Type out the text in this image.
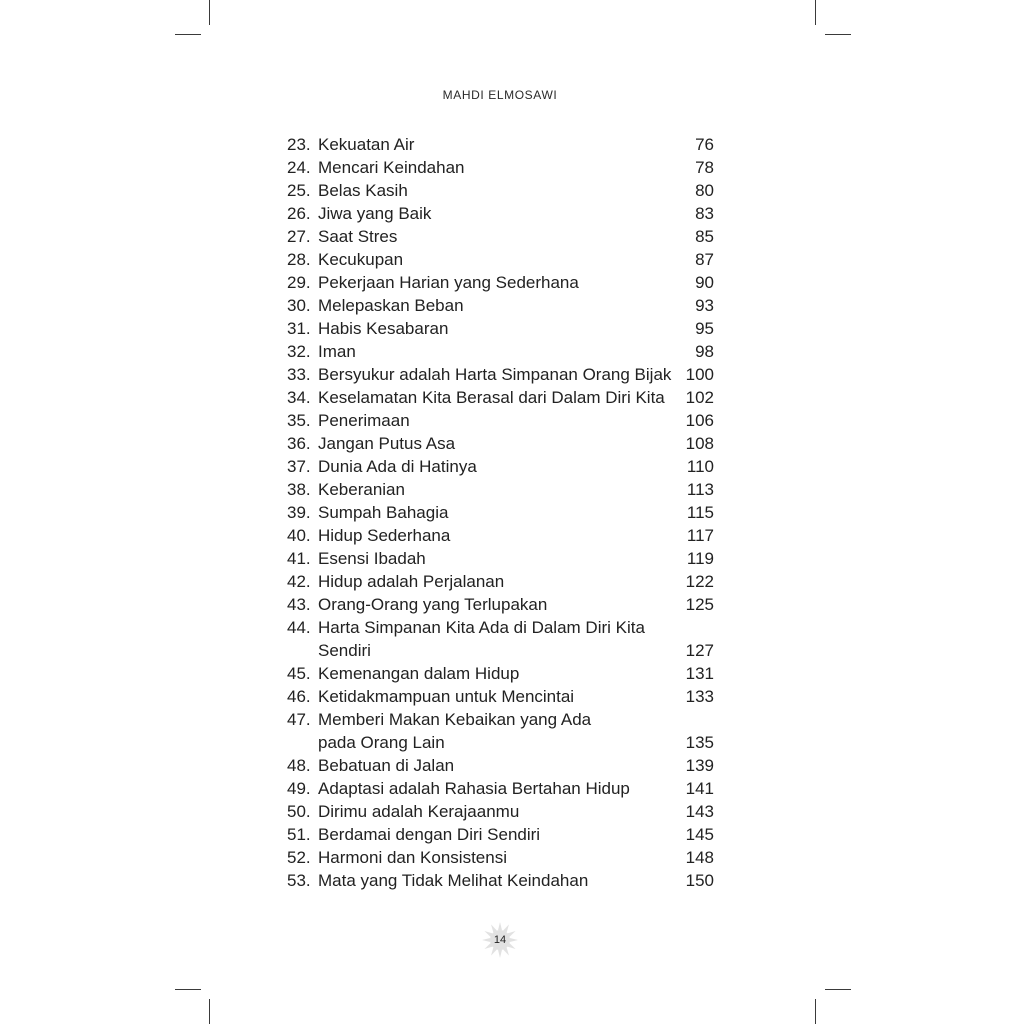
MAHDI ELMOSAWI
23. Kekuatan Air	76
24. Mencari Keindahan	78
25. Belas Kasih	80
26. Jiwa yang Baik	83
27. Saat Stres	85
28. Kecukupan	87
29. Pekerjaan Harian yang Sederhana	90
30. Melepaskan Beban	93
31. Habis Kesabaran	95
32. Iman	98
33. Bersyukur adalah Harta Simpanan Orang Bijak 100
34. Keselamatan Kita Berasal dari Dalam Diri Kita	102
35. Penerimaan	106
36. Jangan Putus Asa	108
37. Dunia Ada di Hatinya	110
38. Keberanian	113
39. Sumpah Bahagia	115
40. Hidup Sederhana	117
41. Esensi Ibadah	119
42. Hidup adalah Perjalanan	122
43. Orang-Orang yang Terlupakan	125
44. Harta Simpanan Kita Ada di Dalam Diri Kita
Sendiri	127
45. Kemenangan dalam Hidup	131
46. Ketidakmampuan untuk Mencintai	133
47. Memberi Makan Kebaikan yang Ada
pada Orang Lain	135
48. Bebatuan di Jalan	139
49. Adaptasi adalah Rahasia Bertahan Hidup	141
50. Dirimu adalah Kerajaanmu	143
51. Berdamai dengan Diri Sendiri	145
52. Harmoni dan Konsistensi	148
53. Mata yang Tidak Melihat Keindahan	150
14
